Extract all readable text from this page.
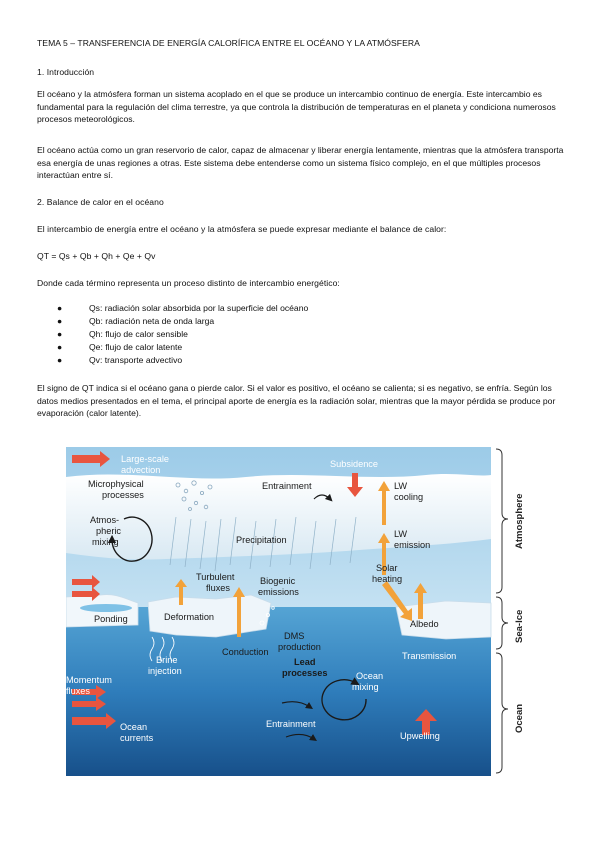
TEMA 5 – TRANSFERENCIA DE ENERGÍA CALORÍFICA ENTRE EL OCÉANO Y LA ATMÓSFERA
1. Introducción
El océano y la atmósfera forman un sistema acoplado en el que se produce un intercambio continuo de energía. Este intercambio es fundamental para la regulación del clima terrestre, ya que controla la distribución de temperaturas en el planeta y condiciona numerosos procesos meteorológicos.
El océano actúa como un gran reservorio de calor, capaz de almacenar y liberar energía lentamente, mientras que la atmósfera transporta esa energía de unas regiones a otras. Este sistema debe entenderse como un sistema físico complejo, en el que múltiples procesos interactúan entre sí.
2. Balance de calor en el océano
El intercambio de energía entre el océano y la atmósfera se puede expresar mediante el balance de calor:
QT = Qs + Qb + Qh + Qe + Qv
Donde cada término representa un proceso distinto de intercambio energético:
●	Qs: radiación solar absorbida por la superficie del océano
●	Qb: radiación neta de onda larga
●	Qh: flujo de calor sensible
●	Qe: flujo de calor latente
●	Qv: transporte advectivo
El signo de QT indica si el océano gana o pierde calor. Si el valor es positivo, el océano se calienta; si es negativo, se enfría. Según los datos medios presentados en el tema, el principal aporte de energía es la radiación solar, mientras que la mayor pérdida se produce por evaporación (calor latente).
Large-scale
advection
Microphysical
processes
Atmos-
pheric
mixing
Entrainment
Subsidence
LW
cooling
LW
emission
Precipitation
Solar
heating
Turbulent
fluxes
Biogenic
emissions
Ponding	Deformation
Albedo
DMS
production
Conduction	Transmission
Brine
injection
Lead
processes
Momentum
fluxes
Ocean
mixing
Ocean
currents
Entrainment
Upwelling
Atmosphere
Sea-Ice
Ocean
